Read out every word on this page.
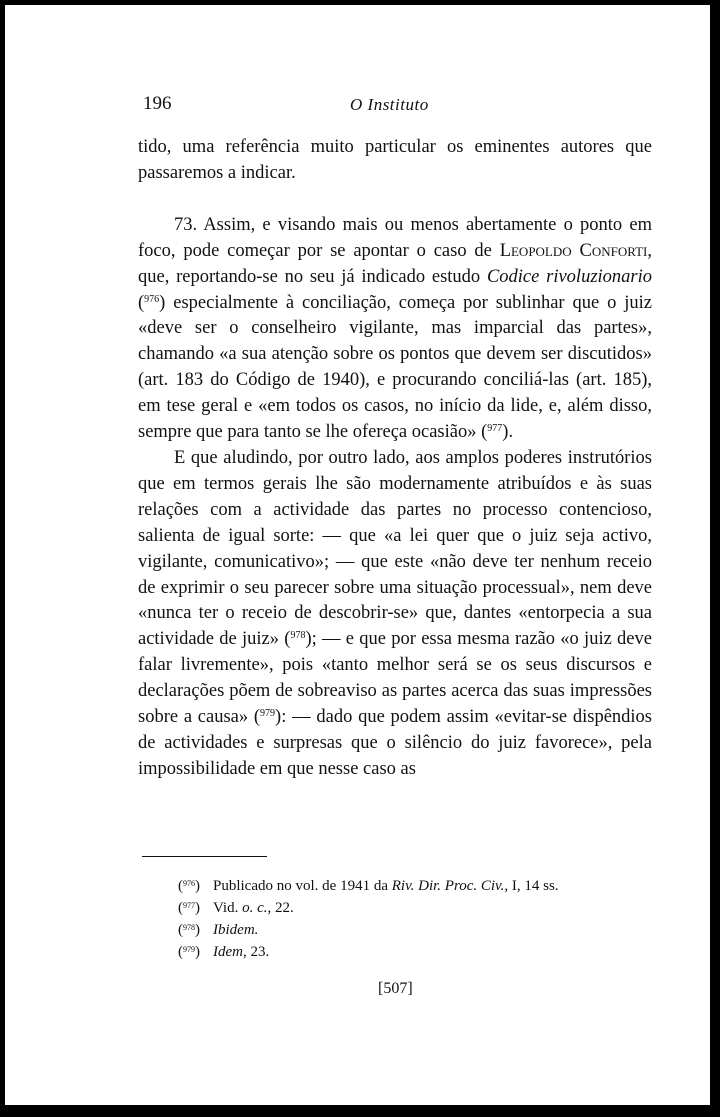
196	O Instituto

tido, uma referência muito particular os eminentes autores que passaremos a indicar.

73. Assim, e visando mais ou menos abertamente o ponto em foco, pode começar por se apontar o caso de Leopoldo Conforti, que, reportando-se no seu já indicado estudo Codice rivoluzionario ($^{976}$) especialmente à conciliação, começa por sublinhar que o juiz «deve ser o conselheiro vigilante, mas imparcial das partes», chamando «a sua atenção sobre os pontos que devem ser discutidos» (art. 183 do Código de 1940), e procurando conciliá-las (art. 185), em tese geral e «em todos os casos, no início da lide, e, além disso, sempre que para tanto se lhe ofereça ocasião» ($^{977}$).

E que aludindo, por outro lado, aos amplos poderes instrutórios que em termos gerais lhe são modernamente atribuídos e às suas relações com a actividade das partes no processo contencioso, salienta de igual sorte: — que «a lei quer que o juiz seja activo, vigilante, comunicativo»; — que este «não deve ter nenhum receio de exprimir o seu parecer sobre uma situação processual», nem deve «nunca ter o receio de descobrir-se» que, dantes «entorpecia a sua actividade de juiz» ($^{978}$); — e que por essa mesma razão «o juiz deve falar livremente», pois «tanto melhor será se os seus discursos e declarações põem de sobreaviso as partes acerca das suas impressões sobre a causa» ($^{979}$): — dado que podem assim «evitar-se dispêndios de actividades e surpresas que o silêncio do juiz favorece», pela impossibilidade em que nesse caso as

($^{976}$) Publicado no vol. de 1941 da Riv. Dir. Proc. Civ., I, 14 ss.
($^{977}$) Vid. o. c., 22.
($^{978}$) Ibidem.
($^{979}$) Idem, 23.
[507]
